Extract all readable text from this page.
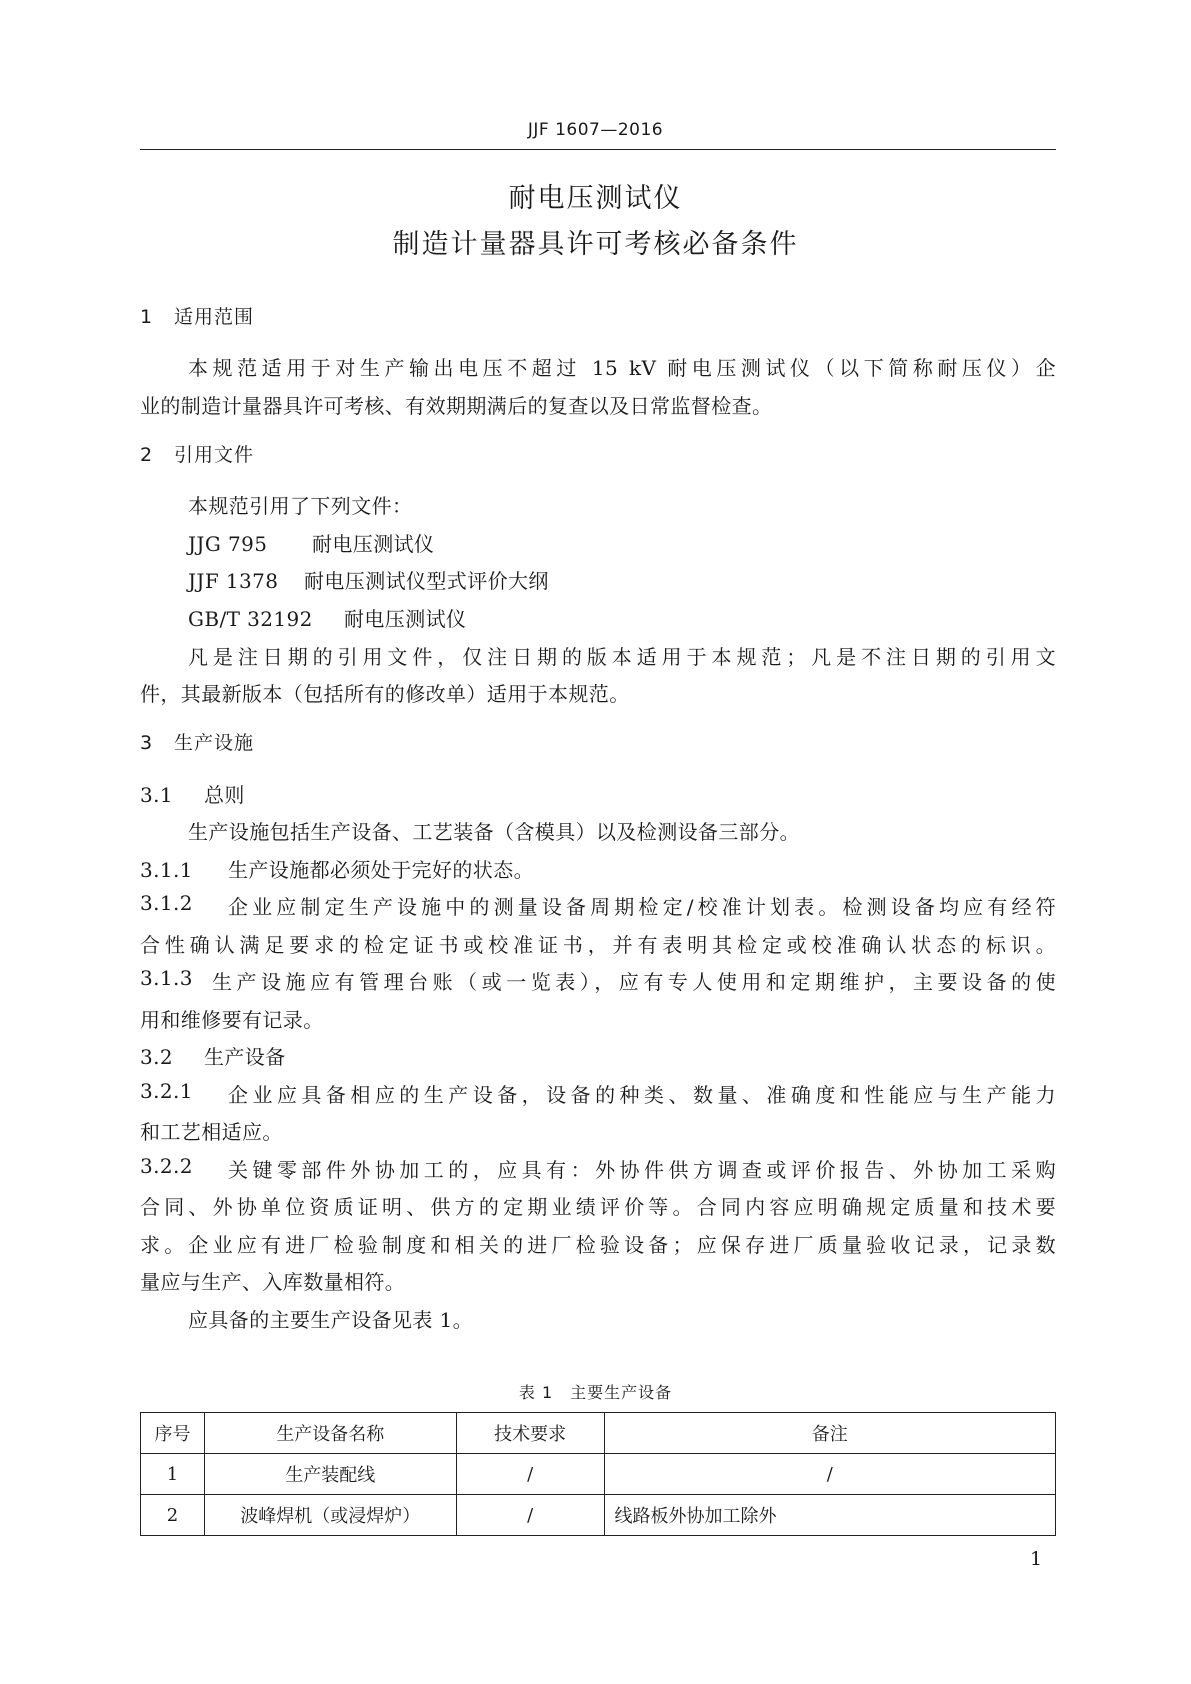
JJF 1607—2016
耐电压测试仪
制造计量器具许可考核必备条件
1 适用范围
本规范适用于对生产输出电压不超过 15 kV 耐电压测试仪（以下简称耐压仪）企
业的制造计量器具许可考核、有效期期满后的复查以及日常监督检查。
2 引用文件
本规范引用了下列文件：
JJG 795 耐电压测试仪
JJF 1378 耐电压测试仪型式评价大纲
GB/T 32192 耐电压测试仪
凡是注日期的引用文件，仅注日期的版本适用于本规范；凡是不注日期的引用文
件，其最新版本（包括所有的修改单）适用于本规范。
3 生产设施
3.1 总则
生产设施包括生产设备、工艺装备（含模具）以及检测设备三部分。
3.1.1 生产设施都必须处于完好的状态。
3.1.2	企业应制定生产设施中的测量设备周期检定/校准计划表。检测设备均应有经符
合性确认满足要求的检定证书或校准证书，并有表明其检定或校准确认状态的标识。
3.1.3 生产设施应有管理台账（或一览表），应有专人使用和定期维护，主要设备的使
用和维修要有记录。
3.2 生产设备
3.2.1	企业应具备相应的生产设备，设备的种类、数量、准确度和性能应与生产能力
和工艺相适应。
3.2.2	关键零部件外协加工的，应具有：外协件供方调查或评价报告、外协加工采购
合同、外协单位资质证明、供方的定期业绩评价等。合同内容应明确规定质量和技术要
求。企业应有进厂检验制度和相关的进厂检验设备；应保存进厂质量验收记录，记录数
量应与生产、入库数量相符。
应具备的主要生产设备见表 1。
表 1　主要生产设备
序号	生产设备名称	技术要求	备注
1	生产装配线	/	/
2	波峰焊机（或浸焊炉）	/	线路板外协加工除外
1
